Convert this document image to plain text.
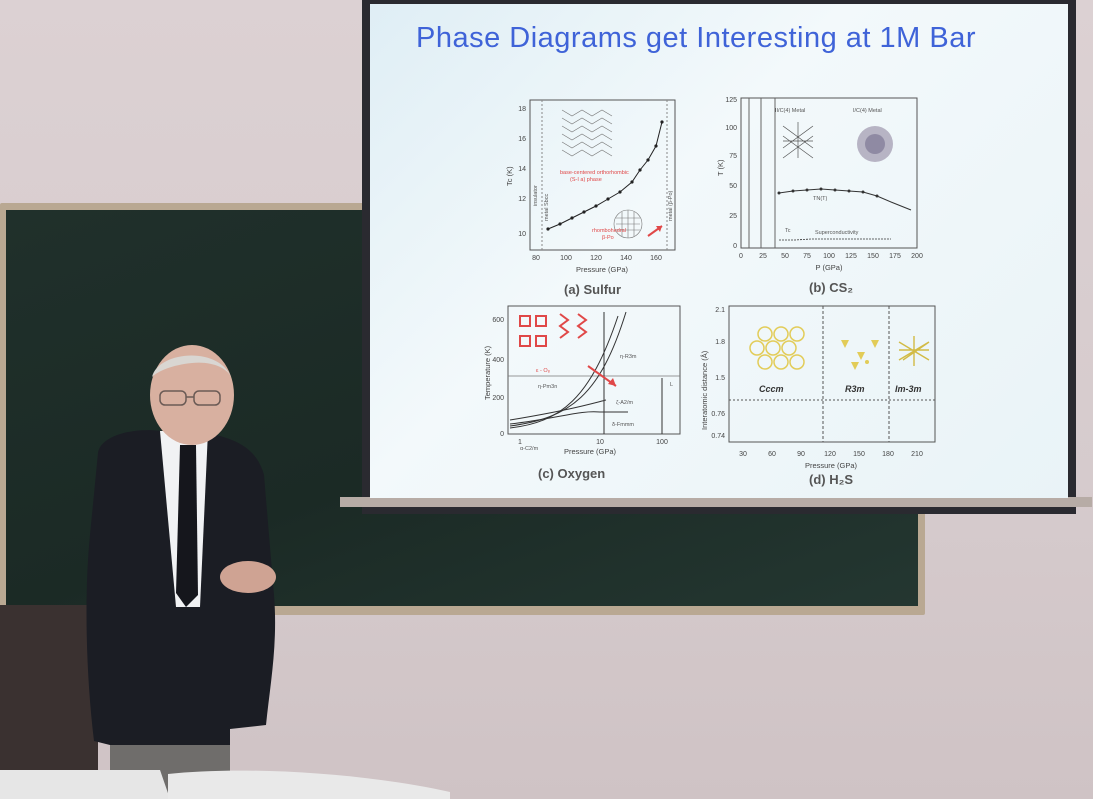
Phase Diagrams get Interesting at 1M Bar
base-centered orthorhombic
(S-I a) phase
rhombohedral
β-Po
insulator metal Sbcc	metal (β-Po)
18
16
14
12
10
80	100	120	140	160
Pressure (GPa)
Tc (K)
(a) Sulfur
II/C(4) Metal	I/C(4) Metal
TN(T)
Tc	Superconductivity
125
100
75
50
25
0
0 25 50 75 100 125 150 175 200
P (GPa)
T (K)
(b) CS₂
ε - O₈
η-R3m
η-Pm3n
ζ-A2/m
δ-Fmmm
α-C2/m
L
600
400
200
0
1	10	100
Pressure (GPa)
Temperature (K)
(c) Oxygen
Cccm	R3m	Im-3m
2.1
1.8
1.5
0.76
0.74
30	60	90	120 150 180 210
Pressure (GPa)
Interatomic distance (Å)
(d) H₂S
